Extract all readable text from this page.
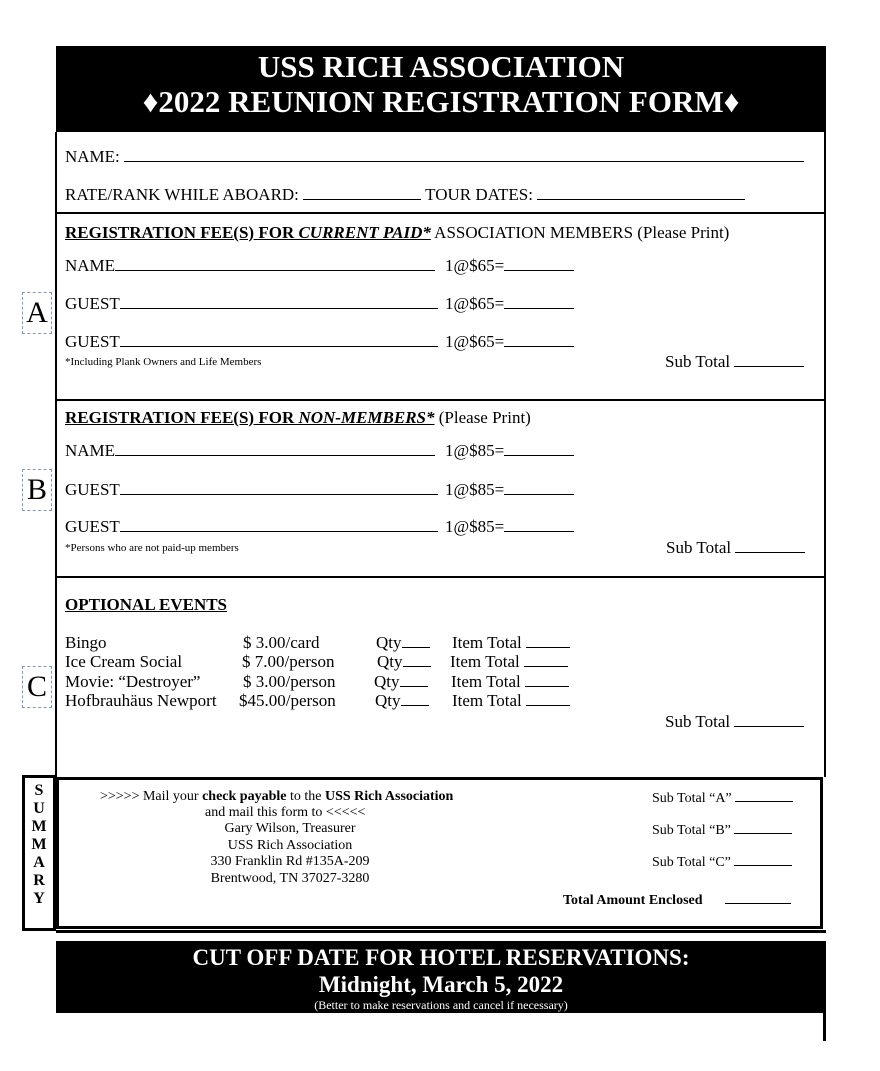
USS RICH ASSOCIATION
♦2022 REUNION REGISTRATION FORM♦
NAME:
RATE/RANK WHILE ABOARD:	TOUR DATES:
REGISTRATION FEE(S) FOR CURRENT PAID* ASSOCIATION MEMBERS (Please Print)
NAME	1@$65=
GUEST	1@$65=
GUEST	1@$65=
*Including Plank Owners and Life Members	Sub Total
A
REGISTRATION FEE(S) FOR NON-MEMBERS* (Please Print)
NAME	1@$85=
GUEST	1@$85=
GUEST	1@$85=
*Persons who are not paid-up members	Sub Total
B
OPTIONAL EVENTS
Bingo	$ 3.00/card	Qty	Item Total
Ice Cream Social	$ 7.00/person Qty	Item Total
Movie: “Destroyer”	$ 3.00/person Qty	Item Total
Hofbrauhäus Newport $45.00/person Qty	Item Total
Sub Total
C
S
U
M
M
A
R
Y
>>>>> Mail your check payable to the USS Rich Association
and mail this form to <<<<<
Gary Wilson, Treasurer
USS Rich Association
330 Franklin Rd #135A-209
Brentwood, TN 37027-3280
Sub Total “A”
Sub Total “B”
Sub Total “C”
Total Amount Enclosed
CUT OFF DATE FOR HOTEL RESERVATIONS:
Midnight, March 5, 2022
(Better to make reservations and cancel if necessary)
